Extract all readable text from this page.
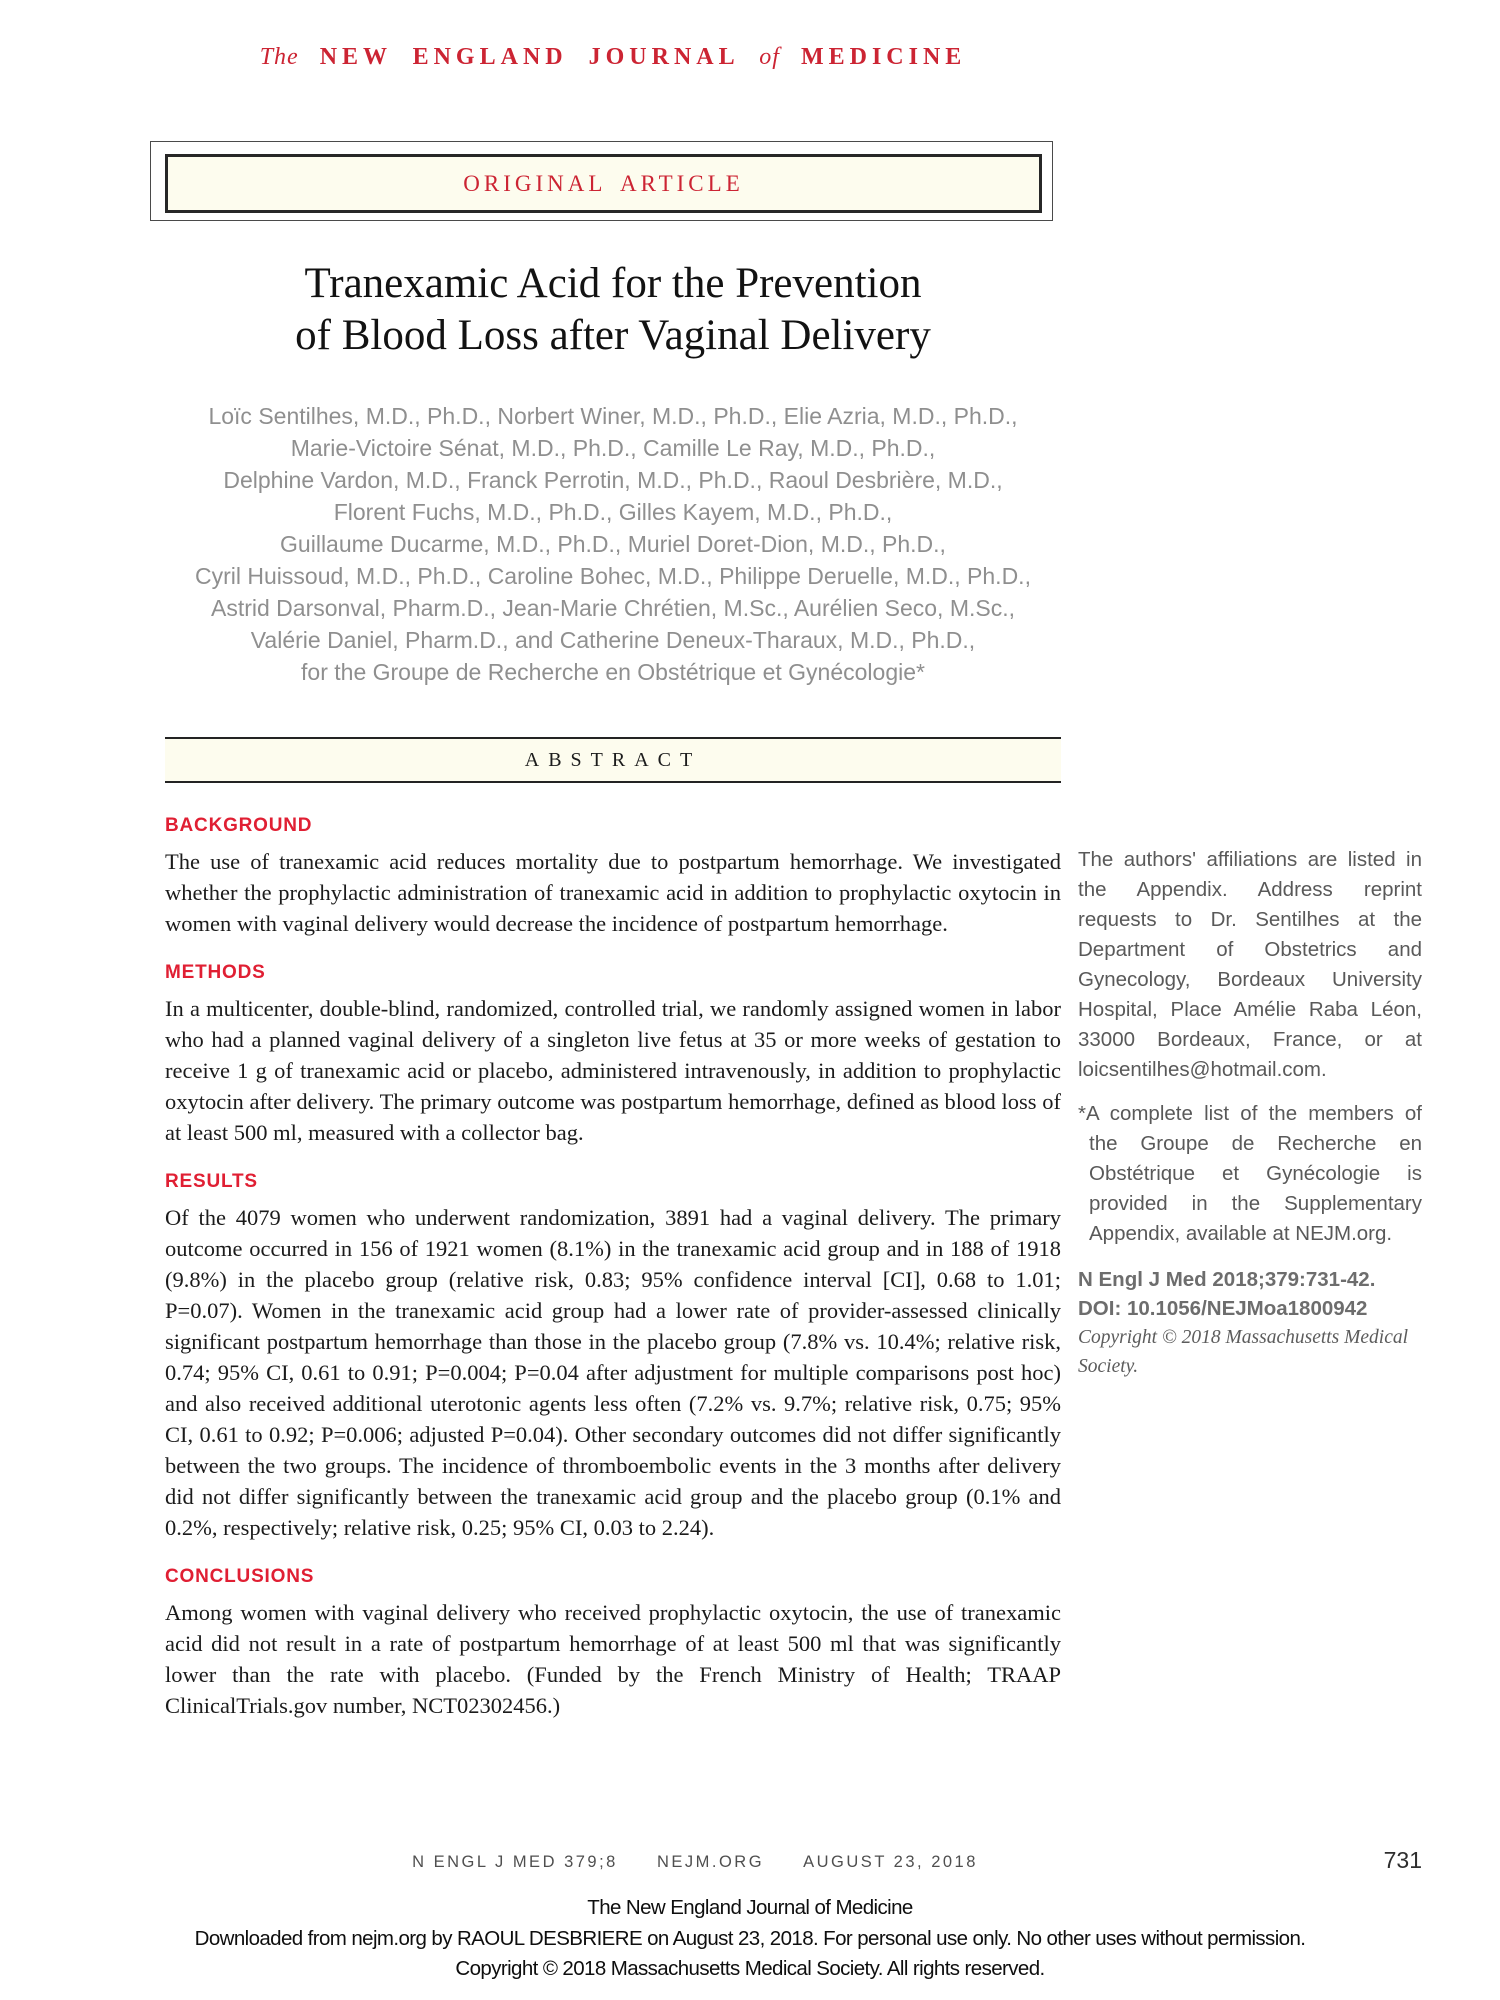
The NEW ENGLAND JOURNAL of MEDICINE
ORIGINAL ARTICLE
Tranexamic Acid for the Prevention
of Blood Loss after Vaginal Delivery
Loïc Sentilhes, M.D., Ph.D., Norbert Winer, M.D., Ph.D., Elie Azria, M.D., Ph.D.,
Marie-Victoire Sénat, M.D., Ph.D., Camille Le Ray, M.D., Ph.D.,
Delphine Vardon, M.D., Franck Perrotin, M.D., Ph.D., Raoul Desbrière, M.D.,
Florent Fuchs, M.D., Ph.D., Gilles Kayem, M.D., Ph.D.,
Guillaume Ducarme, M.D., Ph.D., Muriel Doret-Dion, M.D., Ph.D.,
Cyril Huissoud, M.D., Ph.D., Caroline Bohec, M.D., Philippe Deruelle, M.D., Ph.D.,
Astrid Darsonval, Pharm.D., Jean-Marie Chrétien, M.Sc., Aurélien Seco, M.Sc.,
Valérie Daniel, Pharm.D., and Catherine Deneux-Tharaux, M.D., Ph.D.,
for the Groupe de Recherche en Obstétrique et Gynécologie*
ABSTRACT
BACKGROUND

The use of tranexamic acid reduces mortality due to postpartum hemorrhage. We investigated whether the prophylactic administration of tranexamic acid in addition to prophylactic oxytocin in women with vaginal delivery would decrease the incidence of postpartum hemorrhage.

METHODS

In a multicenter, double-blind, randomized, controlled trial, we randomly assigned women in labor who had a planned vaginal delivery of a singleton live fetus at 35 or more weeks of gestation to receive 1 g of tranexamic acid or placebo, administered intravenously, in addition to prophylactic oxytocin after delivery. The primary outcome was postpartum hemorrhage, defined as blood loss of at least 500 ml, measured with a collector bag.

RESULTS

Of the 4079 women who underwent randomization, 3891 had a vaginal delivery. The primary outcome occurred in 156 of 1921 women (8.1%) in the tranexamic acid group and in 188 of 1918 (9.8%) in the placebo group (relative risk, 0.83; 95% confidence interval [CI], 0.68 to 1.01; P=0.07). Women in the tranexamic acid group had a lower rate of provider-assessed clinically significant postpartum hemorrhage than those in the placebo group (7.8% vs. 10.4%; relative risk, 0.74; 95% CI, 0.61 to 0.91; P=0.004; P=0.04 after adjustment for multiple comparisons post hoc) and also received additional uterotonic agents less often (7.2% vs. 9.7%; relative risk, 0.75; 95% CI, 0.61 to 0.92; P=0.006; adjusted P=0.04). Other secondary outcomes did not differ significantly between the two groups. The incidence of thromboembolic events in the 3 months after delivery did not differ significantly between the tranexamic acid group and the placebo group (0.1% and 0.2%, respectively; relative risk, 0.25; 95% CI, 0.03 to 2.24).

CONCLUSIONS

Among women with vaginal delivery who received prophylactic oxytocin, the use of tranexamic acid did not result in a rate of postpartum hemorrhage of at least 500 ml that was significantly lower than the rate with placebo. (Funded by the French Ministry of Health; TRAAP ClinicalTrials.gov number, NCT02302456.)

The authors' affiliations are listed in the Appendix. Address reprint requests to Dr. Sentilhes at the Department of Obstetrics and Gynecology, Bordeaux University Hospital, Place Amélie Raba Léon, 33000 Bordeaux, France, or at loicsentilhes@hotmail.com.
*A complete list of the members of the Groupe de Recherche en Obstétrique et Gynécologie is provided in the Supplementary Appendix, available at NEJM.org.
N Engl J Med 2018;379:731-42.
DOI: 10.1056/NEJMoa1800942
Copyright © 2018 Massachusetts Medical Society.
N ENGL J MED 379;8 NEJM.ORG AUGUST 23, 2018	731
The New England Journal of Medicine
Downloaded from nejm.org by RAOUL DESBRIERE on August 23, 2018. For personal use only. No other uses without permission.
Copyright © 2018 Massachusetts Medical Society. All rights reserved.
